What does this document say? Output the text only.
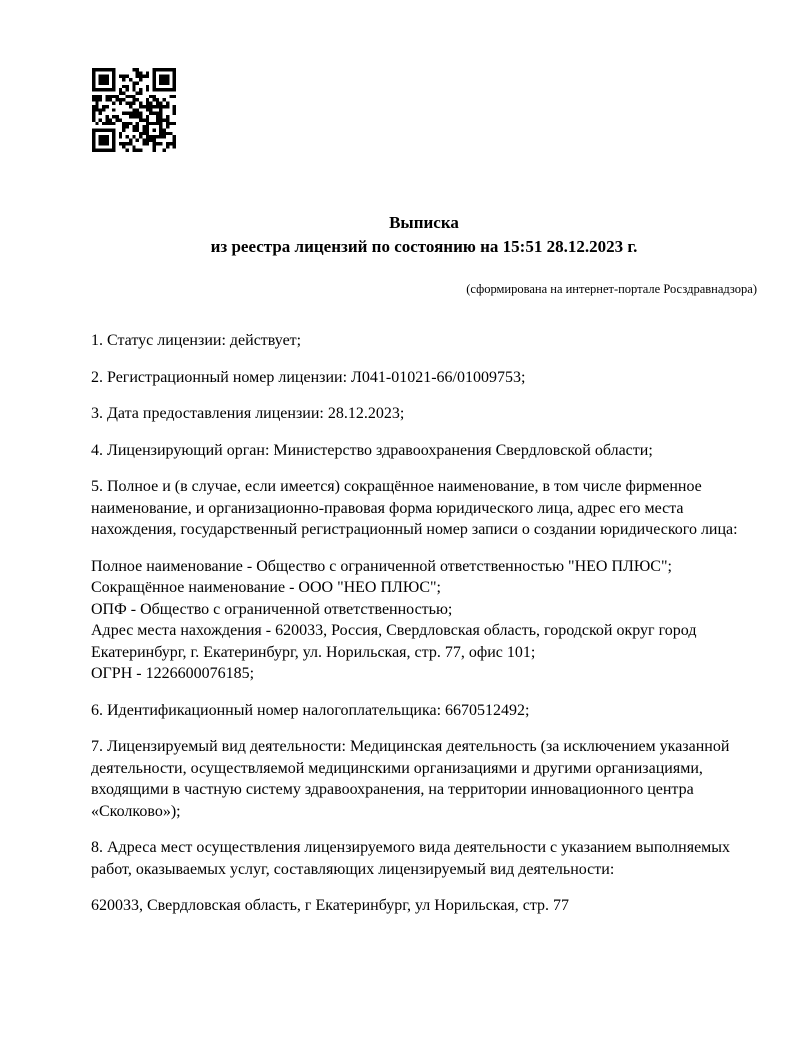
Выписка
из реестра лицензий по состоянию на 15:51 28.12.2023 г.
(сформирована на интернет-портале Росздравнадзора)

1. Статус лицензии: действует;

2. Регистрационный номер лицензии: Л041-01021-66/01009753;

3. Дата предоставления лицензии: 28.12.2023;

4. Лицензирующий орган: Министерство здравоохранения Свердловской области;

5. Полное и (в случае, если имеется) сокращённое наименование, в том числе фирменное
наименование, и организационно-правовая форма юридического лица, адрес его места
нахождения, государственный регистрационный номер записи о создании юридического лица:

Полное наименование - Общество с ограниченной ответственностью "НЕО ПЛЮС";
Сокращённое наименование - ООО "НЕО ПЛЮС";
ОПФ - Общество с ограниченной ответственностью;
Адрес места нахождения - 620033, Россия, Свердловская область, городской округ город
Екатеринбург, г. Екатеринбург, ул. Норильская, стр. 77, офис 101;
ОГРН - 1226600076185;

6. Идентификационный номер налогоплательщика: 6670512492;

7. Лицензируемый вид деятельности: Медицинская деятельность (за исключением указанной
деятельности, осуществляемой медицинскими организациями и другими организациями,
входящими в частную систему здравоохранения, на территории инновационного центра
«Сколково»);

8. Адреса мест осуществления лицензируемого вида деятельности с указанием выполняемых
работ, оказываемых услуг, составляющих лицензируемый вид деятельности:

620033, Свердловская область, г Екатеринбург, ул Норильская, стр. 77
